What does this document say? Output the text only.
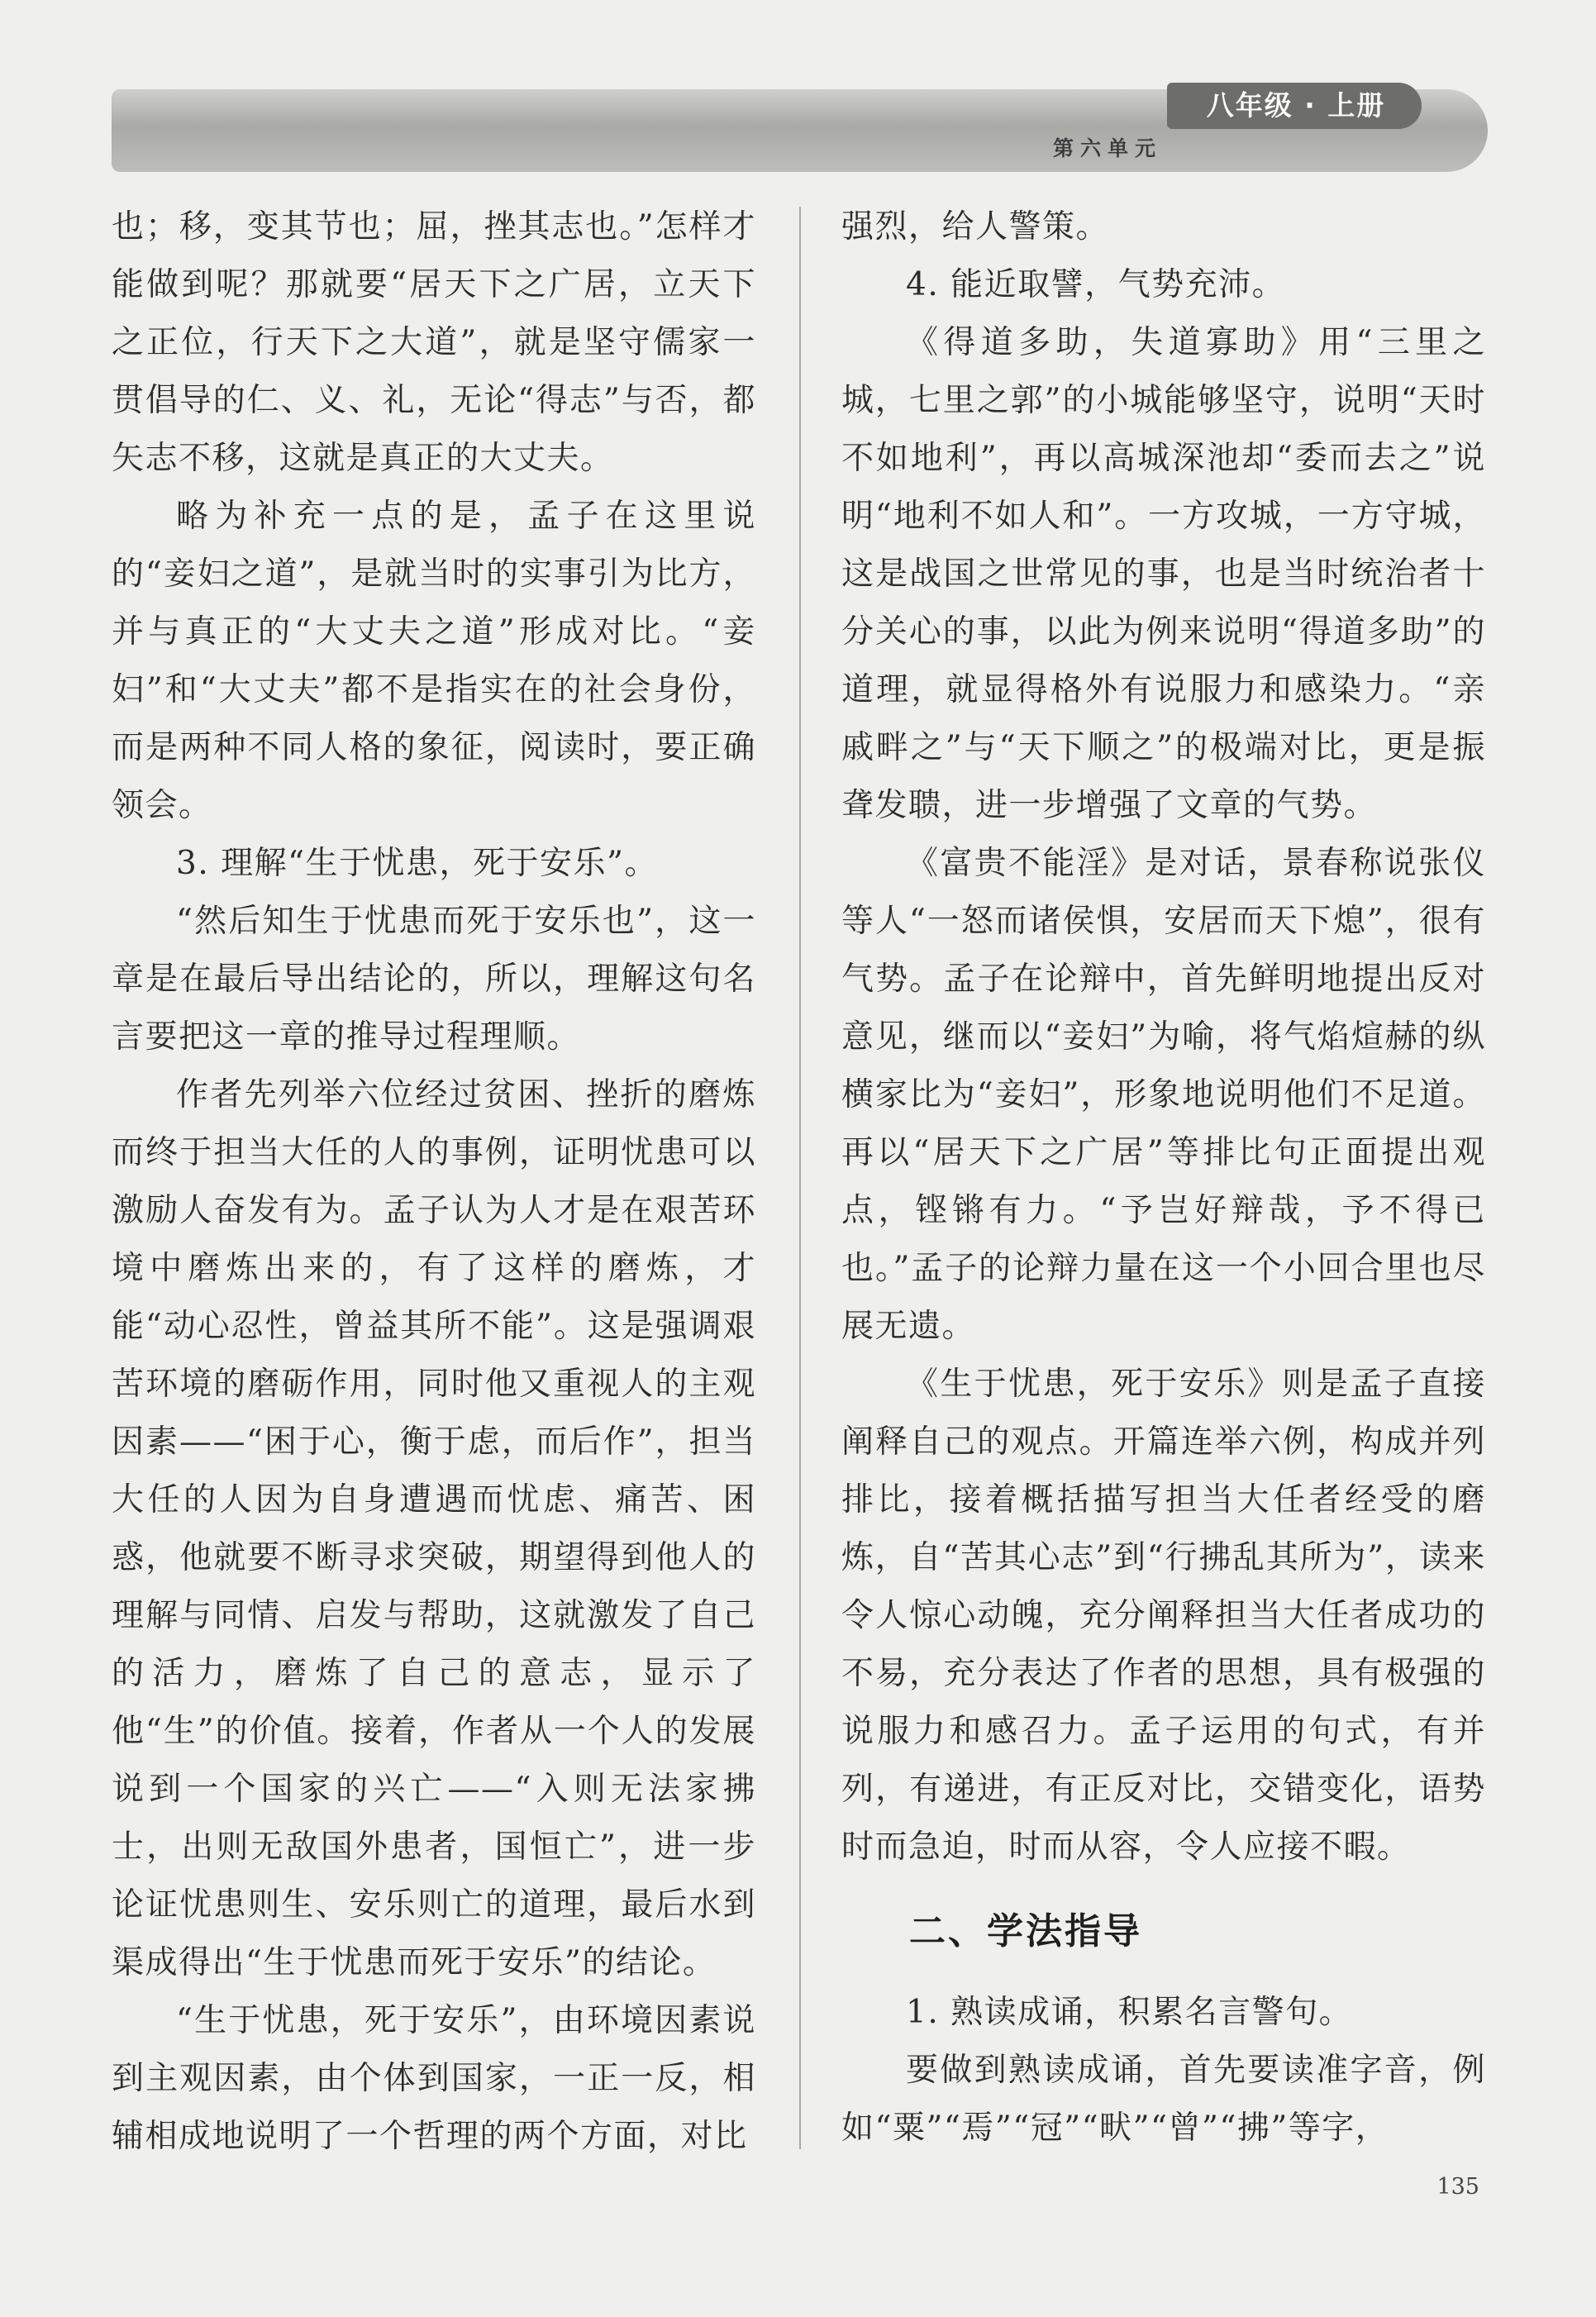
八年级 · 上册
第六单元

也；移，变其节也；屈，挫其志也。”怎样才能做到呢？那就要“居天下之广居，立天下之正位，行天下之大道”，就是坚守儒家一贯倡导的仁、义、礼，无论“得志”与否，都矢志不移，这就是真正的大丈夫。

略为补充一点的是，孟子在这里说的“妾妇之道”，是就当时的实事引为比方，并与真正的“大丈夫之道”形成对比。“妾妇”和“大丈夫”都不是指实在的社会身份，而是两种不同人格的象征，阅读时，要正确领会。

3. 理解“生于忧患，死于安乐”。

“然后知生于忧患而死于安乐也”，这一章是在最后导出结论的，所以，理解这句名言要把这一章的推导过程理顺。

作者先列举六位经过贫困、挫折的磨炼而终于担当大任的人的事例，证明忧患可以激励人奋发有为。孟子认为人才是在艰苦环境中磨炼出来的，有了这样的磨炼，才能“动心忍性，曾益其所不能”。这是强调艰苦环境的磨砺作用，同时他又重视人的主观因素——“困于心，衡于虑，而后作”，担当大任的人因为自身遭遇而忧虑、痛苦、困惑，他就要不断寻求突破，期望得到他人的理解与同情、启发与帮助，这就激发了自己的活力，磨炼了自己的意志，显示了他“生”的价值。接着，作者从一个人的发展说到一个国家的兴亡——“入则无法家拂士，出则无敌国外患者，国恒亡”，进一步论证忧患则生、安乐则亡的道理，最后水到渠成得出“生于忧患而死于安乐”的结论。

“生于忧患，死于安乐”，由环境因素说到主观因素，由个体到国家，一正一反，相辅相成地说明了一个哲理的两个方面，对比

强烈，给人警策。

4. 能近取譬，气势充沛。

《得道多助，失道寡助》用“三里之城，七里之郭”的小城能够坚守，说明“天时不如地利”，再以高城深池却“委而去之”说明“地利不如人和”。一方攻城，一方守城，这是战国之世常见的事，也是当时统治者十分关心的事，以此为例来说明“得道多助”的道理，就显得格外有说服力和感染力。“亲戚畔之”与“天下顺之”的极端对比，更是振聋发聩，进一步增强了文章的气势。

《富贵不能淫》是对话，景春称说张仪等人“一怒而诸侯惧，安居而天下熄”，很有气势。孟子在论辩中，首先鲜明地提出反对意见，继而以“妾妇”为喻，将气焰煊赫的纵横家比为“妾妇”，形象地说明他们不足道。再以“居天下之广居”等排比句正面提出观点，铿锵有力。“予岂好辩哉，予不得已也。”孟子的论辩力量在这一个小回合里也尽展无遗。

《生于忧患，死于安乐》则是孟子直接阐释自己的观点。开篇连举六例，构成并列排比，接着概括描写担当大任者经受的磨炼，自“苦其心志”到“行拂乱其所为”，读来令人惊心动魄，充分阐释担当大任者成功的不易，充分表达了作者的思想，具有极强的说服力和感召力。孟子运用的句式，有并列，有递进，有正反对比，交错变化，语势时而急迫，时而从容，令人应接不暇。

二、学法指导

1. 熟读成诵，积累名言警句。

要做到熟读成诵，首先要读准字音，例如“粟”“焉”“冠”“畎”“曾”“拂”等字，

135
